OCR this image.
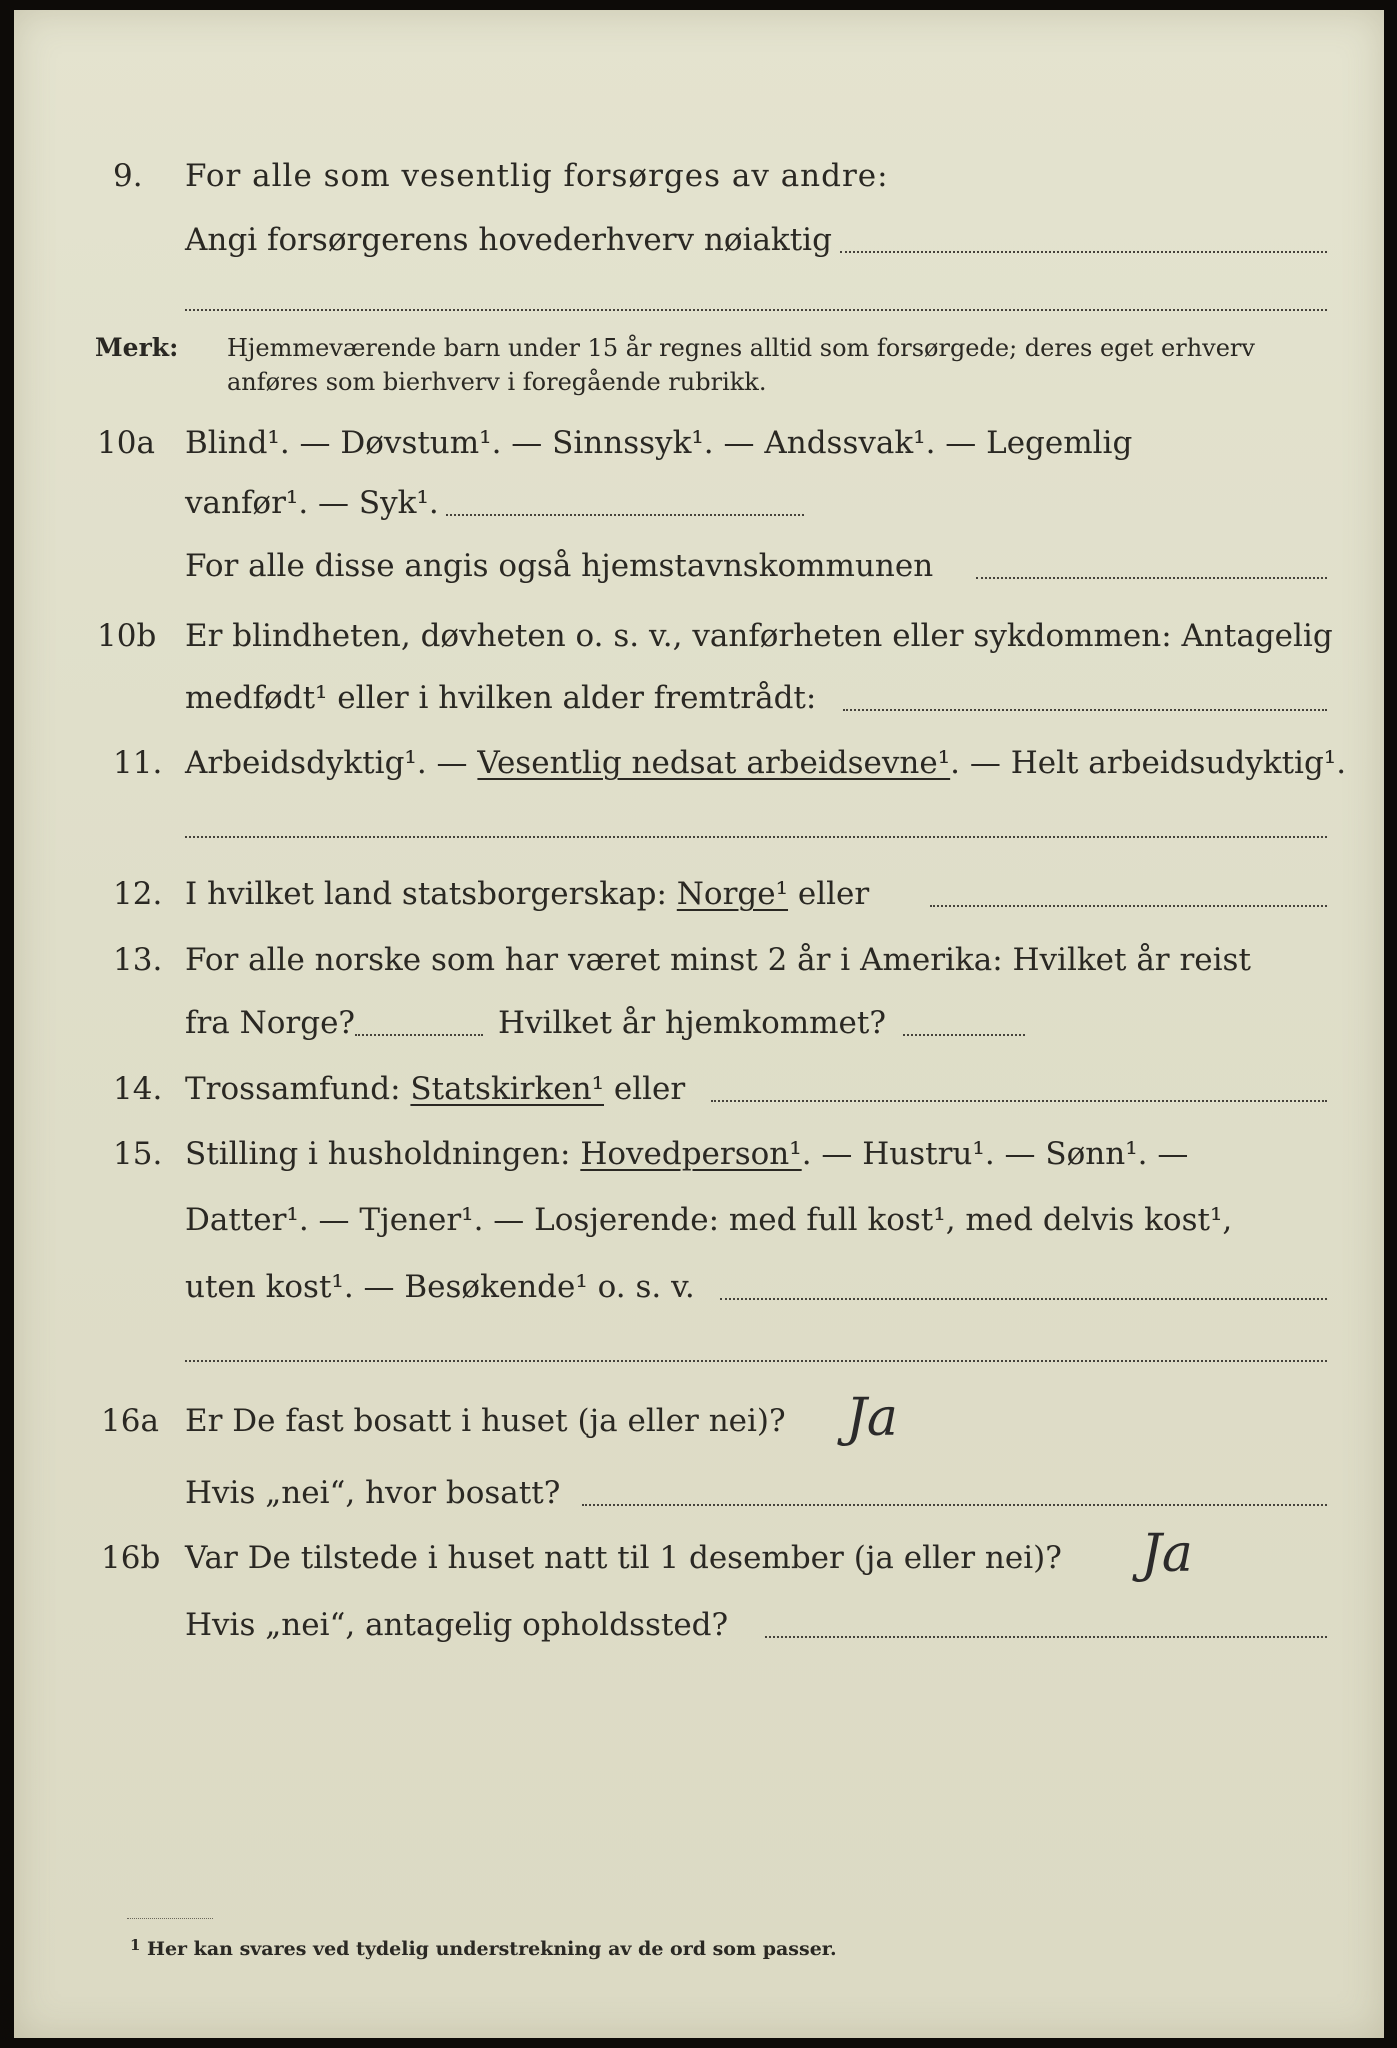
9. For alle som vesentlig forsørges av andre:
Angi forsørgerens hovederhverv nøiaktig
Merk: Hjemmeværende barn under 15 år regnes alltid som forsørgede; deres eget erhverv
anføres som bierhverv i foregående rubrikk.
10a Blind¹. — Døvstum¹. — Sinnssyk¹. — Andssvak¹. — Legemlig
vanfør¹. — Syk¹.
For alle disse angis også hjemstavnskommunen
10b Er blindheten, døvheten o. s. v., vanførheten eller sykdommen: Antagelig
medfødt¹ eller i hvilken alder fremtrådt:
11. Arbeidsdyktig¹. — Vesentlig nedsat arbeidsevne¹. — Helt arbeidsudyktig¹.
12. I hvilket land statsborgerskap: Norge¹ eller
13. For alle norske som har været minst 2 år i Amerika: Hvilket år reist
fra Norge?	Hvilket år hjemkommet?
14. Trossamfund: Statskirken¹ eller
15. Stilling i husholdningen: Hovedperson¹. — Hustru¹. — Sønn¹. —
Datter¹. — Tjener¹. — Losjerende: med full kost¹, med delvis kost¹,
uten kost¹. — Besøkende¹ o. s. v.
16a Er De fast bosatt i huset (ja eller nei)? Ja
Hvis „nei“, hvor bosatt?
16b Var De tilstede i huset natt til 1 desember (ja eller nei)? Ja
Hvis „nei“, antagelig opholdssted?
1 Her kan svares ved tydelig understrekning av de ord som passer.
